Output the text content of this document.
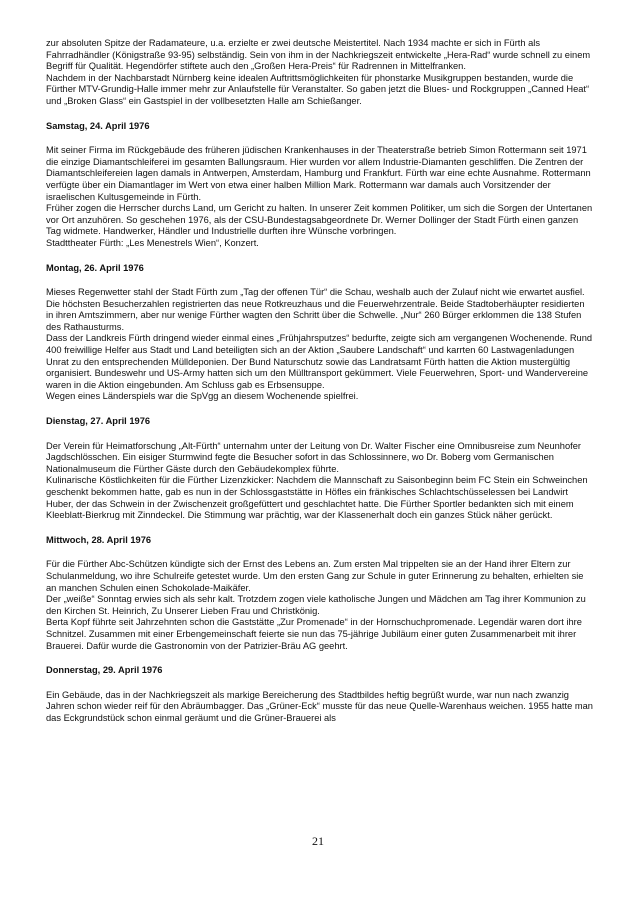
zur absoluten Spitze der Radamateure, u.a. erzielte er zwei deutsche Meistertitel. Nach 1934 machte er sich in Fürth als Fahrradhändler (Königstraße 93-95) selbständig. Sein von ihm in der Nachkriegszeit entwickelte „Hera-Rad“ wurde schnell zu einem Begriff für Qualität. Hegendörfer stiftete auch den „Großen Hera-Preis“ für Radrennen in Mittelfranken.

Nachdem in der Nachbarstadt Nürnberg keine idealen Auftrittsmöglichkeiten für phonstarke Musikgruppen bestanden, wurde die Fürther MTV-Grundig-Halle immer mehr zur Anlaufstelle für Veranstalter. So gaben jetzt die Blues- und Rockgruppen „Canned Heat“ und „Broken Glass“ ein Gastspiel in der vollbesetzten Halle am Schießanger.

Samstag, 24. April 1976

Mit seiner Firma im Rückgebäude des früheren jüdischen Krankenhauses in der Theaterstraße betrieb Simon Rottermann seit 1971 die einzige Diamantschleiferei im gesamten Ballungsraum. Hier wurden vor allem Industrie-Diamanten geschliffen. Die Zentren der Diamantschleifereien lagen damals in Antwerpen, Amsterdam, Hamburg und Frankfurt. Fürth war eine echte Ausnahme. Rottermann verfügte über ein Diamantlager im Wert von etwa einer halben Million Mark. Rottermann war damals auch Vorsitzender der israelischen Kultusgemeinde in Fürth.

Früher zogen die Herrscher durchs Land, um Gericht zu halten. In unserer Zeit kommen Politiker, um sich die Sorgen der Untertanen vor Ort anzuhören. So geschehen 1976, als der CSU-Bundestagsabgeordnete Dr. Werner Dollinger der Stadt Fürth einen ganzen Tag widmete. Handwerker, Händler und Industrielle durften ihre Wünsche vorbringen.

Stadttheater Fürth: „Les Menestrels Wien“, Konzert.

Montag, 26. April 1976

Mieses Regenwetter stahl der Stadt Fürth zum „Tag der offenen Tür“ die Schau, weshalb auch der Zulauf nicht wie erwartet ausfiel. Die höchsten Besucherzahlen registrierten das neue Rotkreuzhaus und die Feuerwehrzentrale. Beide Stadtoberhäupter residierten in ihren Amtszimmern, aber nur wenige Fürther wagten den Schritt über die Schwelle. „Nur“ 260 Bürger erklommen die 138 Stufen des Rathausturms.

Dass der Landkreis Fürth dringend wieder einmal eines „Frühjahrsputzes“ bedurfte, zeigte sich am vergangenen Wochenende. Rund 400 freiwillige Helfer aus Stadt und Land beteiligten sich an der Aktion „Saubere Landschaft“ und karrten 60 Lastwagenladungen Unrat zu den entsprechenden Mülldeponien. Der Bund Naturschutz sowie das Landratsamt Fürth hatten die Aktion mustergültig organisiert. Bundeswehr und US-Army hatten sich um den Mülltransport gekümmert. Viele Feuerwehren, Sport- und Wandervereine waren in die Aktion eingebunden. Am Schluss gab es Erbsensuppe.

Wegen eines Länderspiels war die SpVgg an diesem Wochenende spielfrei.

Dienstag, 27. April 1976

Der Verein für Heimatforschung „Alt-Fürth“ unternahm unter der Leitung von Dr. Walter Fischer eine Omnibusreise zum Neunhofer Jagdschlösschen. Ein eisiger Sturmwind fegte die Besucher sofort in das Schlossinnere, wo Dr. Boberg vom Germanischen Nationalmuseum die Fürther Gäste durch den Gebäudekomplex führte.

Kulinarische Köstlichkeiten für die Fürther Lizenzkicker: Nachdem die Mannschaft zu Saisonbeginn beim FC Stein ein Schweinchen geschenkt bekommen hatte, gab es nun in der Schlossgaststätte in Höfles ein fränkisches Schlachtschüsselessen bei Landwirt Huber, der das Schwein in der Zwischenzeit großgefüttert und geschlachtet hatte. Die Fürther Sportler bedankten sich mit einem Kleeblatt-Bierkrug mit Zinndeckel. Die Stimmung war prächtig, war der Klassenerhalt doch ein ganzes Stück näher gerückt.

Mittwoch, 28. April 1976

Für die Fürther Abc-Schützen kündigte sich der Ernst des Lebens an. Zum ersten Mal trippelten sie an der Hand ihrer Eltern zur Schulanmeldung, wo ihre Schulreife getestet wurde. Um den ersten Gang zur Schule in guter Erinnerung zu behalten, erhielten sie an manchen Schulen einen Schokolade-Maikäfer.

Der „weiße“ Sonntag erwies sich als sehr kalt. Trotzdem zogen viele katholische Jungen und Mädchen am Tag ihrer Kommunion zu den Kirchen St. Heinrich, Zu Unserer Lieben Frau und Christkönig.

Berta Kopf führte seit Jahrzehnten schon die Gaststätte „Zur Promenade“ in der Hornschuchpromenade. Legendär waren dort ihre Schnitzel. Zusammen mit einer Erbengemeinschaft feierte sie nun das 75-jährige Jubiläum einer guten Zusammenarbeit mit ihrer Brauerei. Dafür wurde die Gastronomin von der Patrizier-Bräu AG geehrt.

Donnerstag, 29. April 1976

Ein Gebäude, das in der Nachkriegszeit als markige Bereicherung des Stadtbildes heftig begrüßt wurde, war nun nach zwanzig Jahren schon wieder reif für den Abräumbagger. Das „Grüner-Eck“ musste für das neue Quelle-Warenhaus weichen. 1955 hatte man das Eckgrundstück schon einmal geräumt und die Grüner-Brauerei als

21
